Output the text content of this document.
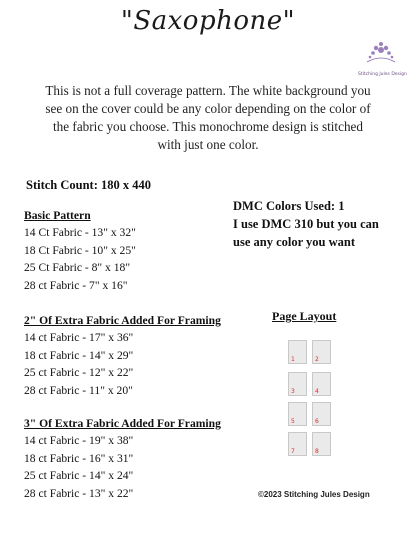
"Saxophone"
Stitching Jules Design
This is not a full coverage pattern. The white background you see on the cover could be any color depending on the color of the fabric you choose. This monochrome design is stitched with just one color.
Stitch Count: 180 x 440
DMC Colors Used: 1
I use DMC 310 but you can
use any color you want
Basic Pattern
14 Ct Fabric - 13" x 32"
18 Ct Fabric - 10" x 25"
25 Ct Fabric - 8" x 18"
28 ct Fabric - 7" x 16"
2" Of Extra Fabric Added For Framing
14 ct Fabric - 17" x 36"
18 ct Fabric - 14" x 29"
25 ct Fabric - 12" x 22"
28 ct Fabric - 11" x 20"
3" Of Extra Fabric Added For Framing
14 ct Fabric - 19" x 38"
18 ct Fabric - 16" x 31"
25 ct Fabric - 14" x 24"
28 ct Fabric - 13" x 22"
Page Layout
1	2
3	4
5	6
7	8
©2023 Stitching Jules Design
